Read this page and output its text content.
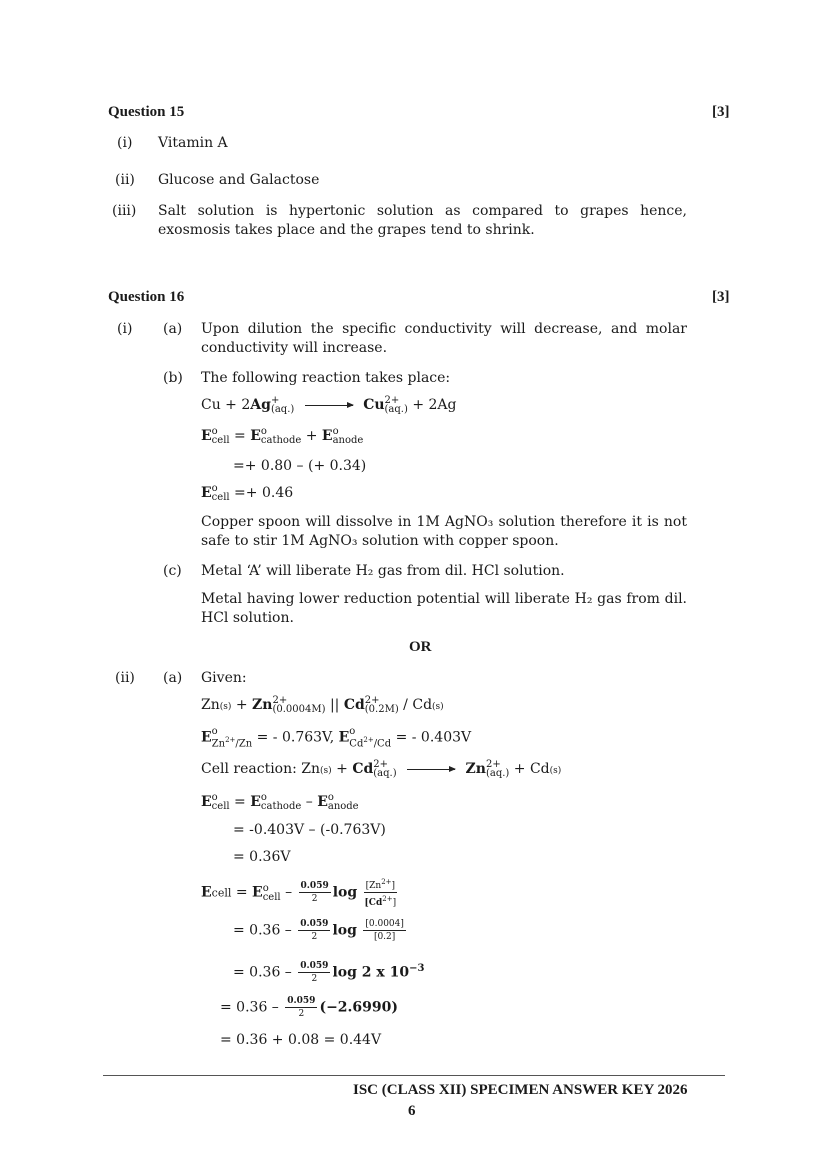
Question 15	[3]
(i) Vitamin A
(ii) Glucose and Galactose
(iii) Salt solution is hypertonic solution as compared to grapes hence, exosmosis takes place and the grapes tend to shrink.
Question 16	[3]
(i) (a) Upon dilution the specific conductivity will decrease, and molar conductivity will increase.
(b) The following reaction takes place:
Cu + 2Ag +
(aq.) → Cu 2+
(aq.) + 2Ag
E o
cell = E o
cathode + E o
anode
=+ 0.80 – (+ 0.34)
E o
cell =+ 0.46
Copper spoon will dissolve in 1M AgNO₃ solution therefore it is not safe to stir 1M AgNO₃ solution with copper spoon.
(c) Metal ‘A’ will liberate H₂ gas from dil. HCl solution.
Metal having lower reduction potential will liberate H₂ gas from dil. HCl solution.
OR
(ii) (a) Given:
Zn(s) + Zn 2+
(0.0004M) || Cd 2+
(0.2M) / Cd(s)
E o
$Zn^{2+}/Zn$ = - 0.763V, E o
$Cd^{2+}/Cd$ = - 0.403V
Cell reaction: Zn(s) + Cd 2+
(aq.) → Zn 2+
(aq.) + Cd(s)
E o
cell = E o
cathode – E o
anode
= -0.403V – (-0.763V)
= 0.36V
Ecell = E o
cell – $\frac{0.059}{2}$ $\log \frac{[Zn^{2+}]}{[Cd^{2+}]}$
= $0.36 - \frac{0.059}{2}$ $\log \frac{[0.0004]}{[0.2]}$
= $0.36 - \frac{0.059}{2}$ log 2 x $10^{-3}$
= $0.36 - \frac{0.059}{2} (-2.6990)$
= 0.36 + 0.08 = 0.44V
ISC (CLASS XII) SPECIMEN ANSWER KEY 2026
6
